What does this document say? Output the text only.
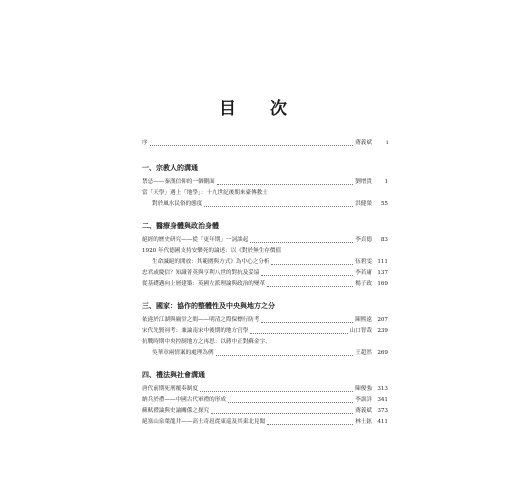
目 次
序	蔣義斌	i
一、宗教人的溝通
禁忌——秦漢信仰的一個側面	劉增貴	1
當「天學」遇上「地學」：十九世紀後期來臺傳教士
對於風水民俗的態度	洪健榮	55
二、醫療身體與政治身體
絕經的歷史研究——從「更年期」一詞談起	李貞德	83
1920 年代德國支持安樂死的論述：以《對於無生存價值
生命滅絕的開放：其範圍與方式》為中心之分析	伍碧雯 111
忠君或慶信？知識菁英與亨利八世的對抗及妥協	李若庸 137
從基礎邁向上層建築：英國左派理論與政治的變革	楊子政 169
三、國家：協作的整體性及中央與地方之分
依違於江湖與廟堂之間——明清之際保標行防考	陳熙遠 207
宋代先賢祠考：兼論南宋中後期的地方官學	山口智哉 239
抗戰時期中央控制地方之再思：以蔣中正對蘇金字、
吳華章兩情案的處理為例	王超然 269
四、禮法與社會溝通
唐代前期死刑覆奏制度	陳俊強 313
納兵於禮——中國古代軍禮的形成	李訓詳 341
蘇軾禮論與史論關係之探究	蔣義斌 373
絕塞山泉葉龍井——高士奇扈從東巡及其東北見聞	林士鉉 411
